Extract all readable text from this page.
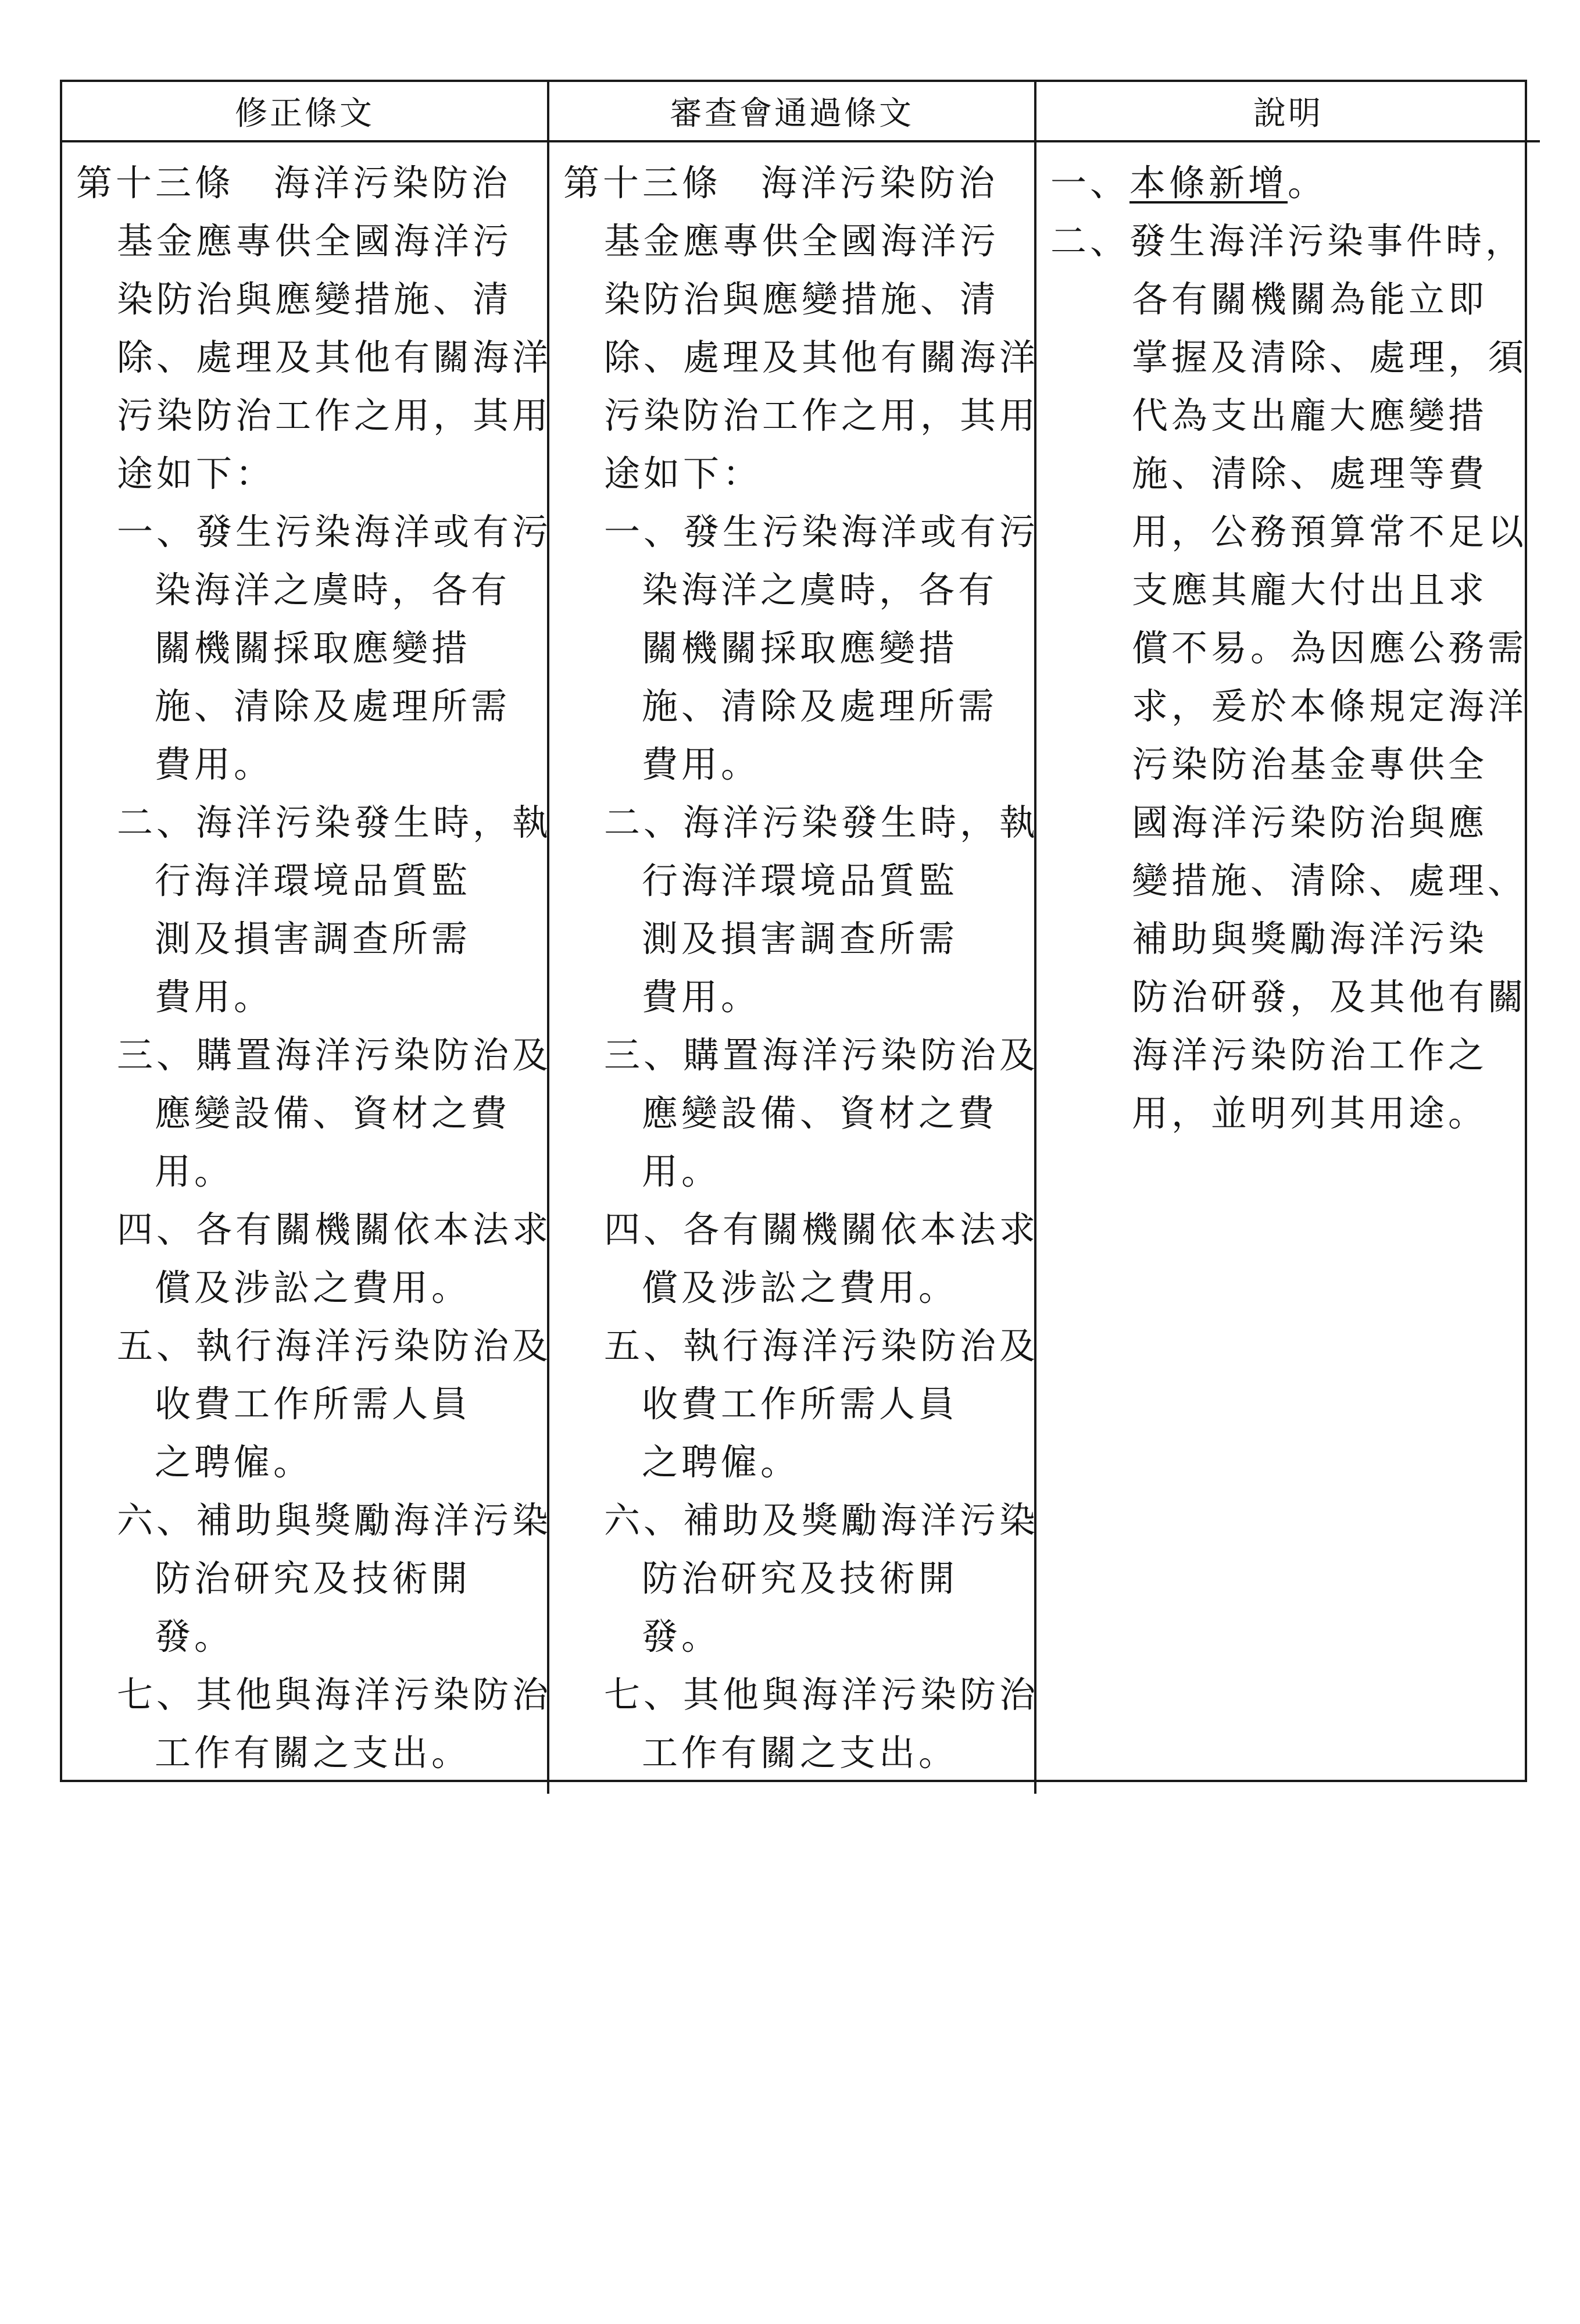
修正條文	審查會通過條文	說明
第十三條　海洋污染防治
基金應專供全國海洋污
染防治與應變措施、清
除、處理及其他有關海洋
污染防治工作之用，其用
途如下：
一、發生污染海洋或有污
染海洋之虞時，各有
關機關採取應變措
施、清除及處理所需
費用。
二、海洋污染發生時，執
行海洋環境品質監
測及損害調查所需
費用。
三、購置海洋污染防治及
應變設備、資材之費
用。
四、各有關機關依本法求
償及涉訟之費用。
五、執行海洋污染防治及
收費工作所需人員
之聘僱。
六、補助與獎勵海洋污染
防治研究及技術開
發。
七、其他與海洋污染防治
工作有關之支出。
第十三條　海洋污染防治
基金應專供全國海洋污
染防治與應變措施、清
除、處理及其他有關海洋
污染防治工作之用，其用
途如下：
一、發生污染海洋或有污
染海洋之虞時，各有
關機關採取應變措
施、清除及處理所需
費用。
二、海洋污染發生時，執
行海洋環境品質監
測及損害調查所需
費用。
三、購置海洋污染防治及
應變設備、資材之費
用。
四、各有關機關依本法求
償及涉訟之費用。
五、執行海洋污染防治及
收費工作所需人員
之聘僱。
六、補助及獎勵海洋污染
防治研究及技術開
發。
七、其他與海洋污染防治
工作有關之支出。
一、本條新增。
二、發生海洋污染事件時，
各有關機關為能立即
掌握及清除、處理，須
代為支出龐大應變措
施、清除、處理等費
用，公務預算常不足以
支應其龐大付出且求
償不易。為因應公務需
求，爰於本條規定海洋
污染防治基金專供全
國海洋污染防治與應
變措施、清除、處理、
補助與獎勵海洋污染
防治研發，及其他有關
海洋污染防治工作之
用，並明列其用途。
